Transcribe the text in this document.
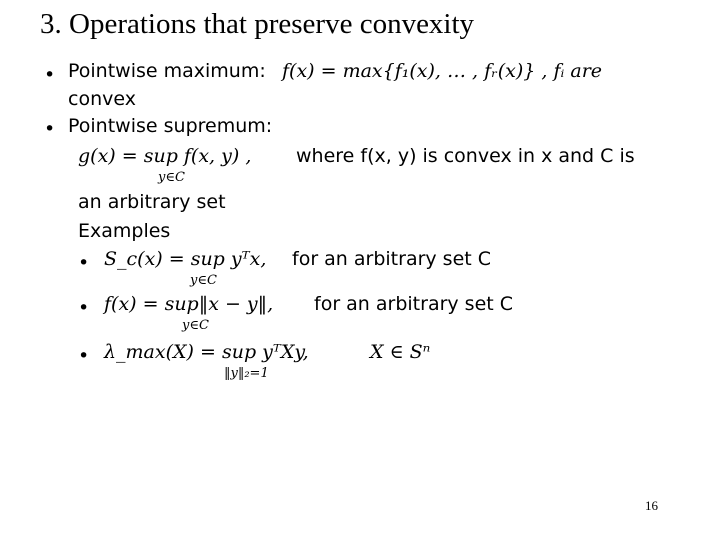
3. Operations that preserve convexity
• Pointwise maximum: f(x) = max{f₁(x), … , fᵣ(x)} , fᵢ are
convex
• Pointwise supremum:
g(x) = sup f(x, y) ,
y∈C
where f(x, y) is convex in x and C is
an arbitrary set
Examples
• S_c(x) = sup yᵀx,
y∈C
for an arbitrary set C
• f(x) = sup‖x − y‖,
y∈C
for an arbitrary set C
• λ_max(X) = sup yᵀXy,
‖y‖₂=1
X ∈ Sⁿ
16
